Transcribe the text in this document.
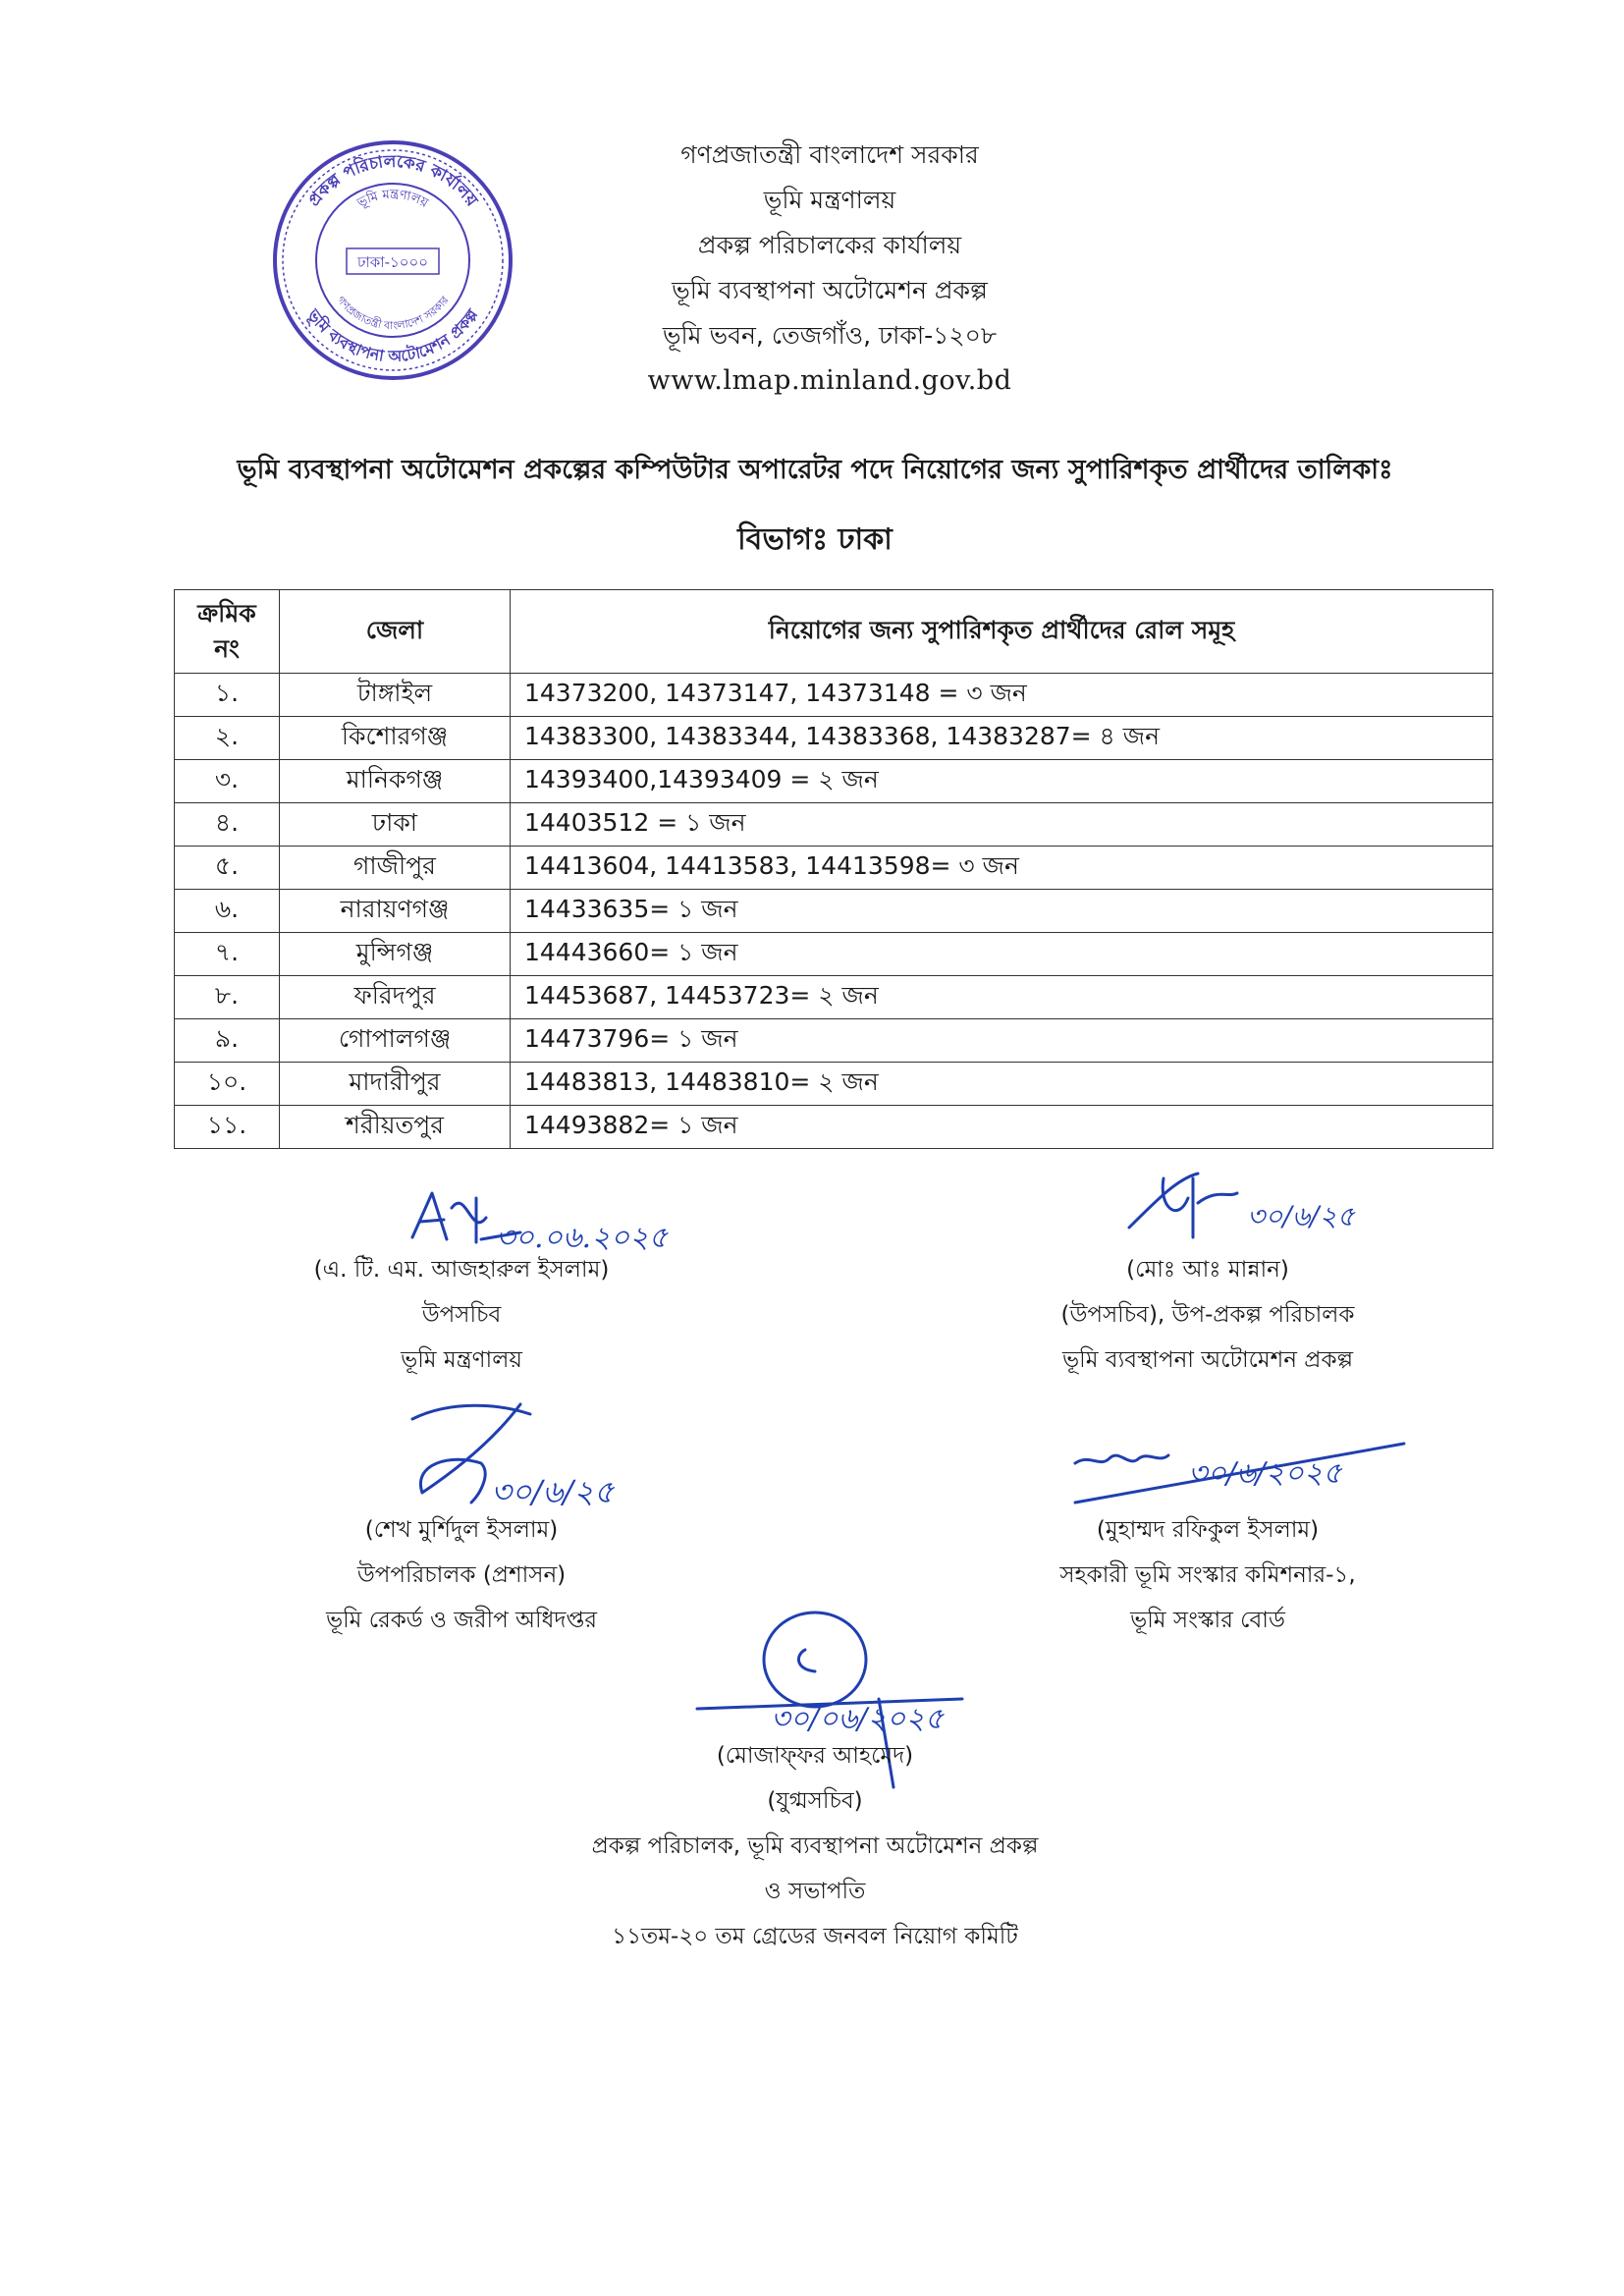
প্রকল্প পরিচালকের কার্যালয়
ভূমি মন্ত্রণালয়
ঢাকা-১০০০
গণপ্রজাতন্ত্রী বাংলাদেশ সরকার
ভূমি ব্যবস্থাপনা অটোমেশন প্রকল্প
গণপ্রজাতন্ত্রী বাংলাদেশ সরকার
ভূমি মন্ত্রণালয়
প্রকল্প পরিচালকের কার্যালয়
ভূমি ব্যবস্থাপনা অটোমেশন প্রকল্প
ভূমি ভবন, তেজগাঁও, ঢাকা-১২০৮
www.lmap.minland.gov.bd
ভূমি ব্যবস্থাপনা অটোমেশন প্রকল্পের কম্পিউটার অপারেটর পদে নিয়োগের জন্য সুপারিশকৃত প্রার্থীদের তালিকাঃ
বিভাগঃ ঢাকা
ক্রমিক
নং	জেলা	নিয়োগের জন্য সুপারিশকৃত প্রার্থীদের রোল সমূহ
১.	টাঙ্গাইল	14373200, 14373147, 14373148 = ৩ জন
২.	কিশোরগঞ্জ	14383300, 14383344, 14383368, 14383287= ৪ জন
৩.	মানিকগঞ্জ	14393400,14393409 = ২ জন
৪.	ঢাকা	14403512 = ১ জন
৫.	গাজীপুর	14413604, 14413583, 14413598= ৩ জন
৬.	নারায়ণগঞ্জ	14433635= ১ জন
৭.	মুন্সিগঞ্জ	14443660= ১ জন
৮.	ফরিদপুর	14453687, 14453723= ২ জন
৯.	গোপালগঞ্জ	14473796= ১ জন
১০.	মাদারীপুর	14483813, 14483810= ২ জন
১১.	শরীয়তপুর	14493882= ১ জন
৩০.০৬.২০২৫
(এ. টি. এম. আজহারুল ইসলাম)
উপসচিব
ভূমি মন্ত্রণালয়
৩০/৬/২৫
(মোঃ আঃ মান্নান)
(উপসচিব), উপ-প্রকল্প পরিচালক
ভূমি ব্যবস্থাপনা অটোমেশন প্রকল্প
৩০/৬/২৫
(শেখ মুর্শিদুল ইসলাম)
উপপরিচালক (প্রশাসন)
ভূমি রেকর্ড ও জরীপ অধিদপ্তর
৩০/৬/২০২৫
(মুহাম্মদ রফিকুল ইসলাম)
সহকারী ভূমি সংস্কার কমিশনার-১,
ভূমি সংস্কার বোর্ড
৩০/০৬/২০২৫
(মোজাফ্ফর আহমেদ)
(যুগ্মসচিব)
প্রকল্প পরিচালক, ভূমি ব্যবস্থাপনা অটোমেশন প্রকল্প
ও সভাপতি
১১তম-২০ তম গ্রেডের জনবল নিয়োগ কমিটি
